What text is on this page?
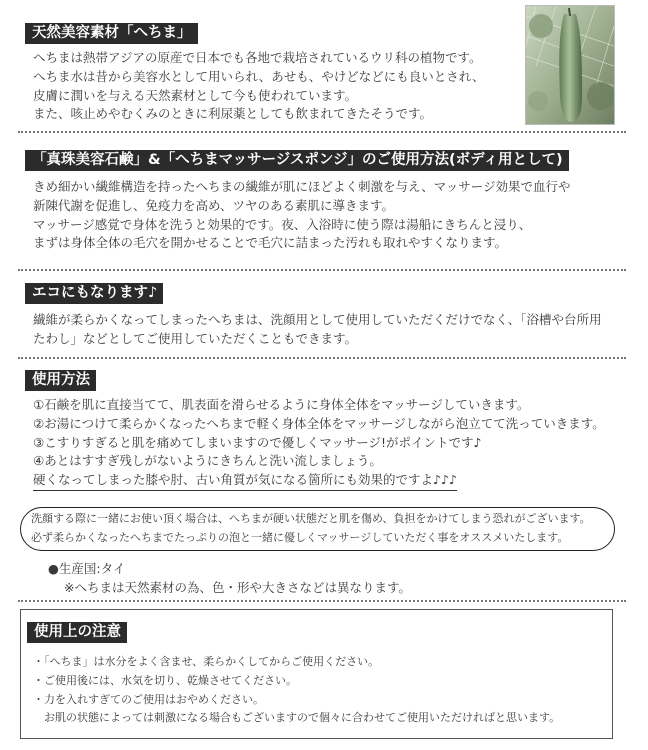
天然美容素材「へちま」
へちまは熱帯アジアの原産で日本でも各地で栽培されているウリ科の植物です。
へちま水は昔から美容水として用いられ、あせも、やけどなどにも良いとされ、
皮膚に潤いを与える天然素材として今も使われています。
また、咳止めやむくみのときに利尿薬としても飲まれてきたそうです。
「真珠美容石鹸」&「へちまマッサージスポンジ」のご使用方法(ボディ用として)
きめ細かい繊維構造を持ったへちまの繊維が肌にほどよく刺激を与え、マッサージ効果で血行や
新陳代謝を促進し、免疫力を高め、ツヤのある素肌に導きます。
マッサージ感覚で身体を洗うと効果的です。夜、入浴時に使う際は湯船にきちんと浸り、
まずは身体全体の毛穴を開かせることで毛穴に詰まった汚れも取れやすくなります。
エコにもなります♪
繊維が柔らかくなってしまったへちまは、洗顔用として使用していただくだけでなく、「浴槽や台所用
たわし」などとしてご使用していただくこともできます。
使用方法
①石鹸を肌に直接当てて、肌表面を滑らせるように身体全体をマッサージしていきます。
②お湯につけて柔らかくなったへちまで軽く身体全体をマッサージしながら泡立てて洗っていきます。
③こすりすぎると肌を痛めてしまいますので優しくマッサージ!がポイントです♪
④あとはすすぎ残しがないようにきちんと洗い流しましょう。
硬くなってしまった膝や肘、古い角質が気になる箇所にも効果的ですよ♪♪♪
洗顔する際に一緒にお使い頂く場合は、へちまが硬い状態だと肌を傷め、負担をかけてしまう恐れがございます。
必ず柔らかくなったへちまでたっぷりの泡と一緒に優しくマッサージしていただく事をオススメいたします。
●生産国:タイ
※へちまは天然素材の為、色・形や大きさなどは異なります。
使用上の注意
・「へちま」は水分をよく含ませ、柔らかくしてからご使用ください。
・ご使用後には、水気を切り、乾燥させてください。
・力を入れすぎてのご使用はおやめください。
　お肌の状態によっては刺激になる場合もございますので個々に合わせてご使用いただければと思います。
